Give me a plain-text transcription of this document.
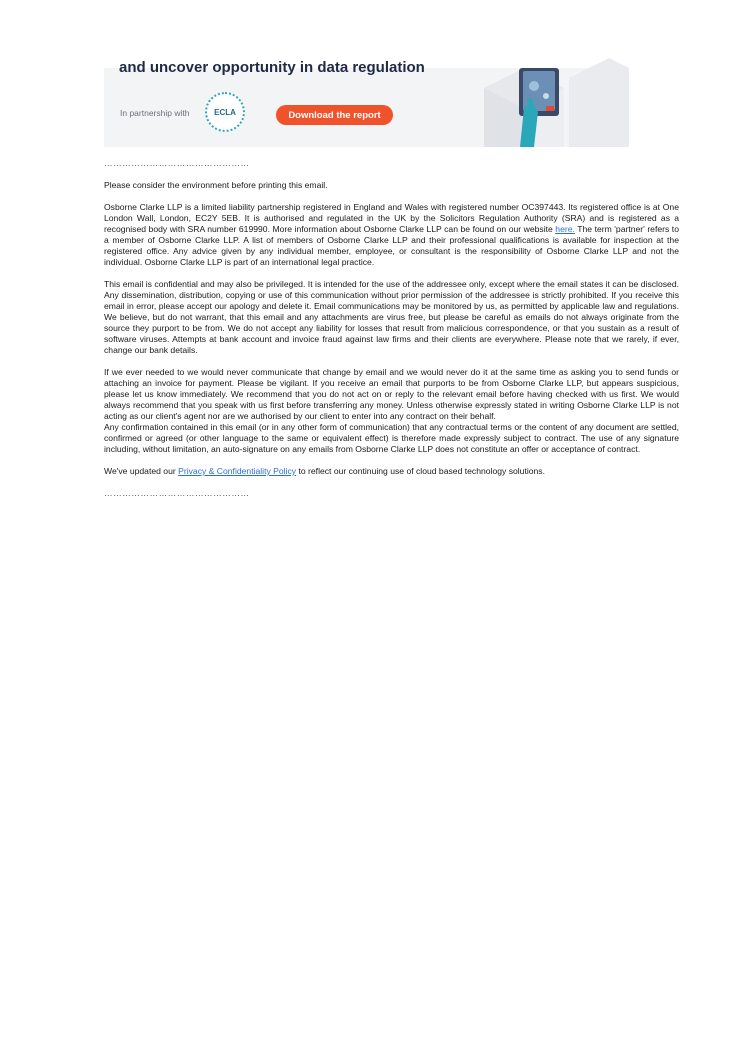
and uncover opportunity in data regulation
In partnership with	ECLA	Download the report
…………………………………………

Please consider the environment before printing this email.

Osborne Clarke LLP is a limited liability partnership registered in England and Wales with registered number OC397443. Its registered office is at One London Wall, London, EC2Y 5EB. It is authorised and regulated in the UK by the Solicitors Regulation Authority (SRA) and is registered as a recognised body with SRA number 619990. More information about Osborne Clarke LLP can be found on our website here. The term 'partner' refers to a member of Osborne Clarke LLP. A list of members of Osborne Clarke LLP and their professional qualifications is available for inspection at the registered office. Any advice given by any individual member, employee, or consultant is the responsibility of Osborne Clarke LLP and not the individual. Osborne Clarke LLP is part of an international legal practice.

This email is confidential and may also be privileged. It is intended for the use of the addressee only, except where the email states it can be disclosed. Any dissemination, distribution, copying or use of this communication without prior permission of the addressee is strictly prohibited. If you receive this email in error, please accept our apology and delete it. Email communications may be monitored by us, as permitted by applicable law and regulations. We believe, but do not warrant, that this email and any attachments are virus free, but please be careful as emails do not always originate from the source they purport to be from. We do not accept any liability for losses that result from malicious correspondence, or that you sustain as a result of software viruses. Attempts at bank account and invoice fraud against law firms and their clients are everywhere. Please note that we rarely, if ever, change our bank details.

If we ever needed to we would never communicate that change by email and we would never do it at the same time as asking you to send funds or attaching an invoice for payment. Please be vigilant. If you receive an email that purports to be from Osborne Clarke LLP, but appears suspicious, please let us know immediately. We recommend that you do not act on or reply to the relevant email before having checked with us first. We would always recommend that you speak with us first before transferring any money. Unless otherwise expressly stated in writing Osborne Clarke LLP is not acting as our client's agent nor are we authorised by our client to enter into any contract on their behalf.

Any confirmation contained in this email (or in any other form of communication) that any contractual terms or the content of any document are settled, confirmed or agreed (or other language to the same or equivalent effect) is therefore made expressly subject to contract. The use of any signature including, without limitation, an auto-signature on any emails from Osborne Clarke LLP does not constitute an offer or acceptance of contract.

We've updated our Privacy & Confidentiality Policy to reflect our continuing use of cloud based technology solutions.

…………………………………………
